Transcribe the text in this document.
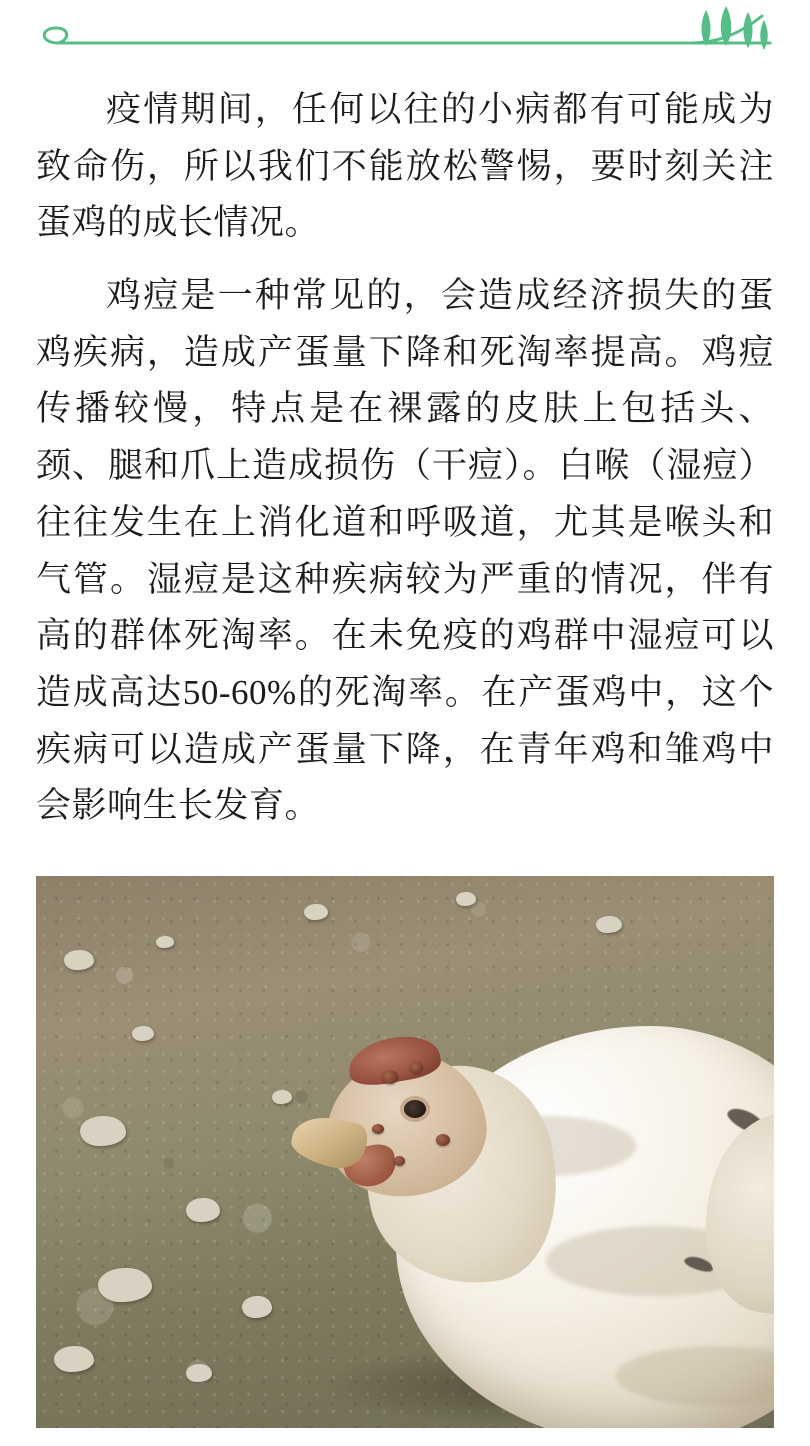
疫情期间，任何以往的小病都有可能成为致命伤，所以我们不能放松警惕，要时刻关注蛋鸡的成长情况。

鸡痘是一种常见的，会造成经济损失的蛋鸡疾病，造成产蛋量下降和死淘率提高。鸡痘传播较慢，特点是在裸露的皮肤上包括头、颈、腿和爪上造成损伤（干痘）。白喉（湿痘）往往发生在上消化道和呼吸道，尤其是喉头和气管。湿痘是这种疾病较为严重的情况，伴有高的群体死淘率。在未免疫的鸡群中湿痘可以造成高达50-60%的死淘率。在产蛋鸡中，这个疾病可以造成产蛋量下降，在青年鸡和雏鸡中会影响生长发育。
